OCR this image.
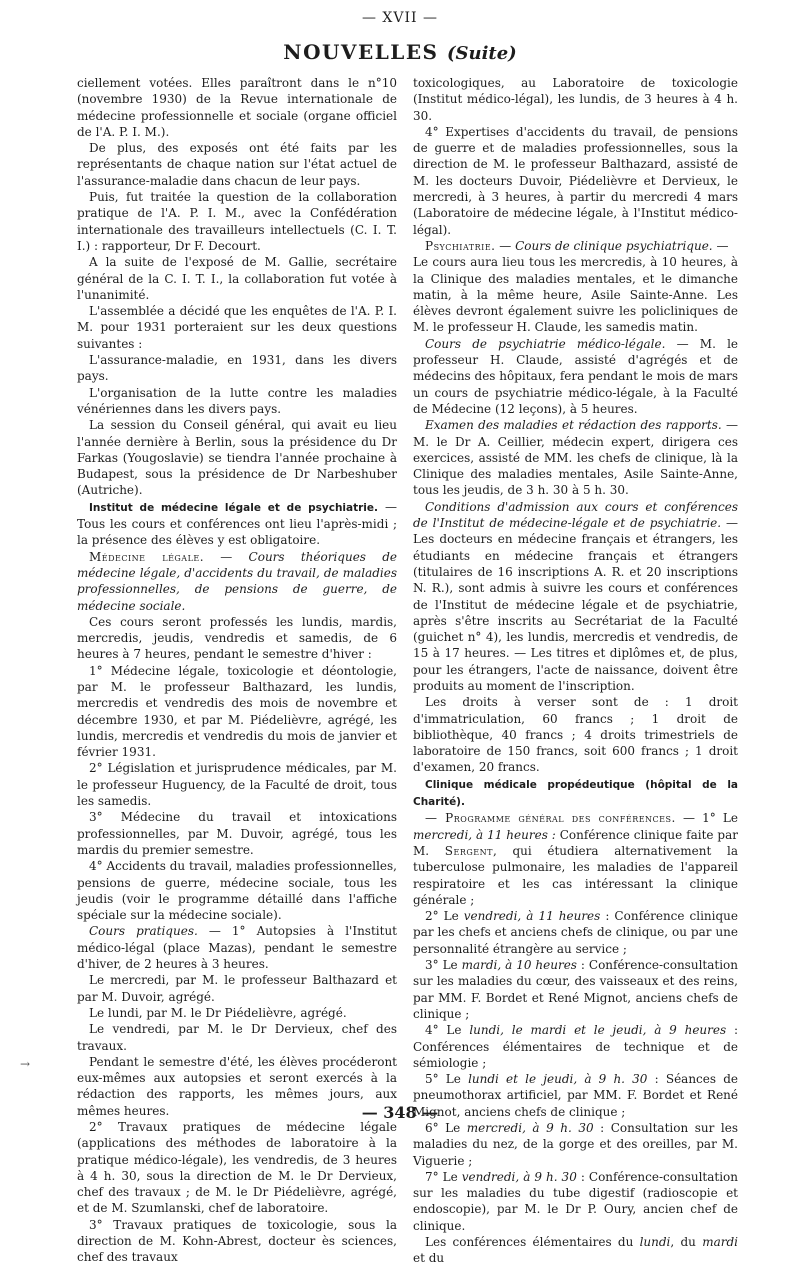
— XVII —
NOUVELLES (Suite)

ciellement votées. Elles paraîtront dans le n°10 (novembre 1930) de la Revue internationale de médecine professionnelle et sociale (organe officiel de l'A. P. I. M.).

De plus, des exposés ont été faits par les représentants de chaque nation sur l'état actuel de l'assurance-maladie dans chacun de leur pays.

Puis, fut traitée la question de la collaboration pratique de l'A. P. I. M., avec la Confédération internationale des travailleurs intellectuels (C. I. T. I.) : rapporteur, Dr F. Decourt.

A la suite de l'exposé de M. Gallie, secrétaire général de la C. I. T. I., la collaboration fut votée à l'unanimité.

L'assemblée a décidé que les enquêtes de l'A. P. I. M. pour 1931 porteraient sur les deux questions suivantes :

L'assurance-maladie, en 1931, dans les divers pays.

L'organisation de la lutte contre les maladies vénériennes dans les divers pays.

La session du Conseil général, qui avait eu lieu l'année dernière à Berlin, sous la présidence du Dr Farkas (Yougoslavie) se tiendra l'année prochaine à Budapest, sous la présidence de Dr Narbeshuber (Autriche).

Institut de médecine légale et de psychiatrie. — Tous les cours et conférences ont lieu l'après-midi ; la présence des élèves y est obligatoire.

Médecine légale. — Cours théoriques de médecine légale, d'accidents du travail, de maladies professionnelles, de pensions de guerre, de médecine sociale.

Ces cours seront professés les lundis, mardis, mercredis, jeudis, vendredis et samedis, de 6 heures à 7 heures, pendant le semestre d'hiver :

1° Médecine légale, toxicologie et déontologie, par M. le professeur Balthazard, les lundis, mercredis et vendredis des mois de novembre et décembre 1930, et par M. Piédelièvre, agrégé, les lundis, mercredis et vendredis du mois de janvier et février 1931.

2° Législation et jurisprudence médicales, par M. le professeur Huguency, de la Faculté de droit, tous les samedis.

3° Médecine du travail et intoxications professionnelles, par M. Duvoir, agrégé, tous les mardis du premier semestre.

4° Accidents du travail, maladies professionnelles, pensions de guerre, médecine sociale, tous les jeudis (voir le programme détaillé dans l'affiche spéciale sur la médecine sociale).

Cours pratiques. — 1° Autopsies à l'Institut médico-légal (place Mazas), pendant le semestre d'hiver, de 2 heures à 3 heures.

Le mercredi, par M. le professeur Balthazard et par M. Duvoir, agrégé.

Le lundi, par M. le Dr Piédelièvre, agrégé.

Le vendredi, par M. le Dr Dervieux, chef des travaux.

Pendant le semestre d'été, les élèves procéderont eux-mêmes aux autopsies et seront exercés à la rédaction des rapports, les mêmes jours, aux mêmes heures.

2° Travaux pratiques de médecine légale (applications des méthodes de laboratoire à la pratique médico-légale), les vendredis, de 3 heures à 4 h. 30, sous la direction de M. le Dr Dervieux, chef des travaux ; de M. le Dr Piédelièvre, agrégé, et de M. Szumlanski, chef de laboratoire.

3° Travaux pratiques de toxicologie, sous la direction de M. Kohn-Abrest, docteur ès sciences, chef des travaux

toxicologiques, au Laboratoire de toxicologie (Institut médico-légal), les lundis, de 3 heures à 4 h. 30.

4° Expertises d'accidents du travail, de pensions de guerre et de maladies professionnelles, sous la direction de M. le professeur Balthazard, assisté de M. les docteurs Duvoir, Piédelièvre et Dervieux, le mercredi, à 3 heures, à partir du mercredi 4 mars (Laboratoire de médecine légale, à l'Institut médico-légal).

Psychiatrie. — Cours de clinique psychiatrique. —

Le cours aura lieu tous les mercredis, à 10 heures, à la Clinique des maladies mentales, et le dimanche matin, à la même heure, Asile Sainte-Anne. Les élèves devront également suivre les policliniques de M. le professeur H. Claude, les samedis matin.

Cours de psychiatrie médico-légale. — M. le professeur H. Claude, assisté d'agrégés et de médecins des hôpitaux, fera pendant le mois de mars un cours de psychiatrie médico-légale, à la Faculté de Médecine (12 leçons), à 5 heures.

Examen des maladies et rédaction des rapports. — M. le Dr A. Ceillier, médecin expert, dirigera ces exercices, assisté de MM. les chefs de clinique, là la Clinique des maladies mentales, Asile Sainte-Anne, tous les jeudis, de 3 h. 30 à 5 h. 30.

Conditions d'admission aux cours et conférences de l'Institut de médecine-légale et de psychiatrie. — Les docteurs en médecine français et étrangers, les étudiants en médecine français et étrangers (titulaires de 16 inscriptions A. R. et 20 inscriptions N. R.), sont admis à suivre les cours et conférences de l'Institut de médecine légale et de psychiatrie, après s'être inscrits au Secrétariat de la Faculté (guichet n° 4), les lundis, mercredis et vendredis, de 15 à 17 heures. — Les titres et diplômes et, de plus, pour les étrangers, l'acte de naissance, doivent être produits au moment de l'inscription.

Les droits à verser sont de : 1 droit d'immatriculation, 60 francs ; 1 droit de bibliothèque, 40 francs ; 4 droits trimestriels de laboratoire de 150 francs, soit 600 francs ; 1 droit d'examen, 20 francs.

Clinique médicale propédeutique (hôpital de la Charité).

— Programme général des conférences. — 1° Le mercredi, à 11 heures : Conférence clinique faite par M. Sergent, qui étudiera alternativement la tuberculose pulmonaire, les maladies de l'appareil respiratoire et les cas intéressant la clinique générale ;

2° Le vendredi, à 11 heures : Conférence clinique par les chefs et anciens chefs de clinique, ou par une personnalité étrangère au service ;

3° Le mardi, à 10 heures : Conférence-consultation sur les maladies du cœur, des vaisseaux et des reins, par MM. F. Bordet et René Mignot, anciens chefs de clinique ;

4° Le lundi, le mardi et le jeudi, à 9 heures : Conférences élémentaires de technique et de sémiologie ;

5° Le lundi et le jeudi, à 9 h. 30 : Séances de pneumothorax artificiel, par MM. F. Bordet et René Mignot, anciens chefs de clinique ;

6° Le mercredi, à 9 h. 30 : Consultation sur les maladies du nez, de la gorge et des oreilles, par M. Viguerie ;

7° Le vendredi, à 9 h. 30 : Conférence-consultation sur les maladies du tube digestif (radioscopie et endoscopie), par M. le Dr P. Oury, ancien chef de clinique.

Les conférences élémentaires du lundi, du mardi et du

→
— 348 —
